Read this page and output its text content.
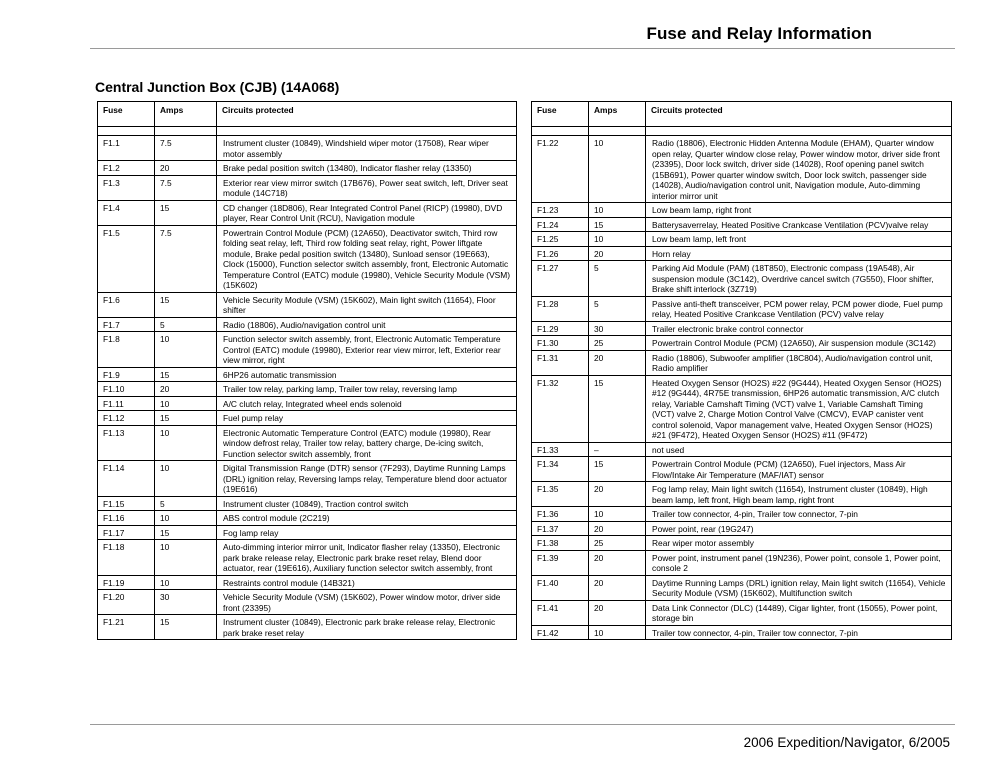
Fuse and Relay Information
Central Junction Box (CJB) (14A068)
Fuse	Amps	Circuits protected

F1.1	7.5	Instrument cluster (10849), Windshield wiper motor (17508), Rear wiper motor assembly
F1.2	20	Brake pedal position switch (13480), Indicator flasher relay (13350)
F1.3	7.5	Exterior rear view mirror switch (17B676), Power seat switch, left, Driver seat module (14C718)
F1.4	15	CD changer (18D806), Rear Integrated Control Panel (RICP) (19980), DVD player, Rear Control Unit (RCU), Navigation module
F1.5	7.5	Powertrain Control Module (PCM) (12A650), Deactivator switch, Third row folding seat relay, left, Third row folding seat relay, right, Power liftgate module, Brake pedal position switch (13480), Sunload sensor (19E663), Clock (15000), Function selector switch assembly, front, Electronic Automatic Temperature Control (EATC) module (19980), Vehicle Security Module (VSM) (15K602)
F1.6	15	Vehicle Security Module (VSM) (15K602), Main light switch (11654), Floor shifter
F1.7	5	Radio (18806), Audio/navigation control unit
F1.8	10	Function selector switch assembly, front, Electronic Automatic Temperature Control (EATC) module (19980), Exterior rear view mirror, left, Exterior rear view mirror, right
F1.9	15	6HP26 automatic transmission
F1.10	20	Trailer tow relay, parking lamp, Trailer tow relay, reversing lamp
F1.11	10	A/C clutch relay, Integrated wheel ends solenoid
F1.12	15	Fuel pump relay
F1.13	10	Electronic Automatic Temperature Control (EATC) module (19980), Rear window defrost relay, Trailer tow relay, battery charge, De-icing switch, Function selector switch assembly, front
F1.14	10	Digital Transmission Range (DTR) sensor (7F293), Daytime Running Lamps (DRL) ignition relay, Reversing lamps relay, Temperature blend door actuator (19E616)
F1.15	5	Instrument cluster (10849), Traction control switch
F1.16	10	ABS control module (2C219)
F1.17	15	Fog lamp relay
F1.18	10	Auto-dimming interior mirror unit, Indicator flasher relay (13350), Electronic park brake release relay, Electronic park brake reset relay, Blend door actuator, rear (19E616), Auxiliary function selector switch assembly, front
F1.19	10	Restraints control module (14B321)
F1.20	30	Vehicle Security Module (VSM) (15K602), Power window motor, driver side front (23395)
F1.21	15	Instrument cluster (10849), Electronic park brake release relay, Electronic park brake reset relay
Fuse	Amps	Circuits protected

F1.22	10	Radio (18806), Electronic Hidden Antenna Module (EHAM), Quarter window open relay, Quarter window close relay, Power window motor, driver side front (23395), Door lock switch, driver side (14028), Roof opening panel switch (15B691), Power quarter window switch, Door lock switch, passenger side (14028), Audio/navigation control unit, Navigation module, Auto-dimming interior mirror unit
F1.23	10	Low beam lamp, right front
F1.24	15	Batterysaverrelay, Heated Positive Crankcase Ventilation (PCV)valve relay
F1.25	10	Low beam lamp, left front
F1.26	20	Horn relay
F1.27	5	Parking Aid Module (PAM) (18T850), Electronic compass (19A548), Air suspension module (3C142), Overdrive cancel switch (7G550), Floor shifter, Brake shift interlock (3Z719)
F1.28	5	Passive anti-theft transceiver, PCM power relay, PCM power diode, Fuel pump relay, Heated Positive Crankcase Ventilation (PCV) valve relay
F1.29	30	Trailer electronic brake control connector
F1.30	25	Powertrain Control Module (PCM) (12A650), Air suspension module (3C142)
F1.31	20	Radio (18806), Subwoofer amplifier (18C804), Audio/navigation control unit, Radio amplifier
F1.32	15	Heated Oxygen Sensor (HO2S) #22 (9G444), Heated Oxygen Sensor (HO2S) #12 (9G444), 4R75E transmission, 6HP26 automatic transmission, A/C clutch relay, Variable Camshaft Timing (VCT) valve 1, Variable Camshaft Timing (VCT) valve 2, Charge Motion Control Valve (CMCV), EVAP canister vent control solenoid, Vapor management valve, Heated Oxygen Sensor (HO2S) #21 (9F472), Heated Oxygen Sensor (HO2S) #11 (9F472)
F1.33	–	not used
F1.34	15	Powertrain Control Module (PCM) (12A650), Fuel injectors, Mass Air Flow/Intake Air Temperature (MAF/IAT) sensor
F1.35	20	Fog lamp relay, Main light switch (11654), Instrument cluster (10849), High beam lamp, left front, High beam lamp, right front
F1.36	10	Trailer tow connector, 4-pin, Trailer tow connector, 7-pin
F1.37	20	Power point, rear (19G247)
F1.38	25	Rear wiper motor assembly
F1.39	20	Power point, instrument panel (19N236), Power point, console 1, Power point, console 2
F1.40	20	Daytime Running Lamps (DRL) ignition relay, Main light switch (11654), Vehicle Security Module (VSM) (15K602), Multifunction switch
F1.41	20	Data Link Connector (DLC) (14489), Cigar lighter, front (15055), Power point, storage bin
F1.42	10	Trailer tow connector, 4-pin, Trailer tow connector, 7-pin
2006 Expedition/Navigator, 6/2005
